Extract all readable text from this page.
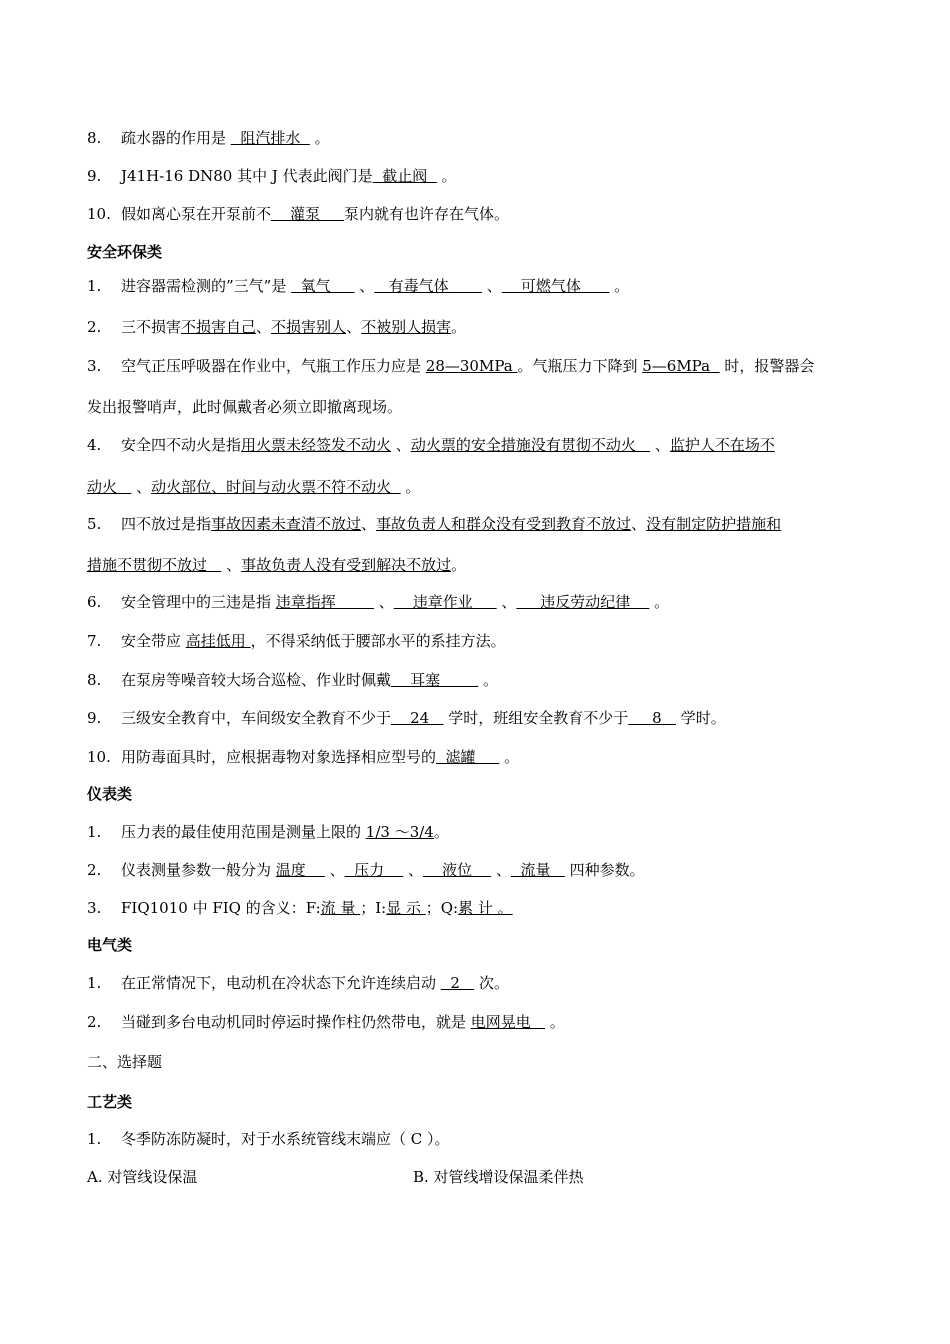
8. 疏水器的作用是   阻汽排水   。
9. J41H-16 DN80 其中 J 代表此阀门是  截止阀   。
10. 假如离心泵在开泵前不    灌泵     泵内就有也许存在气体。
安全环保类
1. 进容器需检测的”三气”是   氧气      、   有毒气体        、    可燃气体       。
2. 三不损害不损害自己、不损害别人、不被别人损害。
3. 空气正压呼吸器在作业中，气瓶工作压力应是 28—30MPa 。气瓶压力下降到 5—6MPa   时，报警器会
发出报警哨声，此时佩戴者必须立即撤离现场。
4. 安全四不动火是指用火票未经签发不动火 、动火票的安全措施没有贯彻不动火    、监护人不在场不
动火    、动火部位、时间与动火票不符不动火   。
5. 四不放过是指事故因素未查清不放过、事故负责人和群众没有受到教育不放过、没有制定防护措施和
措施不贯彻不放过    、事故负责人没有受到解决不放过。
6. 安全管理中的三违是指 违章指挥         、    违章作业      、     违反劳动纪律     。
7. 安全带应 高挂低用 ，不得采纳低于腰部水平的系挂方法。
8. 在泵房等噪音较大场合巡检、作业时佩戴    耳塞         。
9. 三级安全教育中，车间级安全教育不少于    24    学时，班组安全教育不少于     8    学时。
10. 用防毒面具时，应根据毒物对象选择相应型号的  滤罐      。
仪表类
1. 压力表的最佳使用范围是测量上限的 1/3 ～3/4。
2. 仪表测量参数一般分为 温度     、  压力     、    液位     、  流量    四种参数。
3. FIQ1010 中 FIQ 的含义：F:流 量 ；I:显 示 ；Q:累 计 。
电气类
1. 在正常情况下，电动机在冷状态下允许连续启动   2    次。
2. 当碰到多台电动机同时停运时操作柱仍然带电，就是 电网晃电    。
二、选择题
工艺类
1. 冬季防冻防凝时，对于水系统管线末端应（ C ）。
A. 对管线设保温	B. 对管线增设保温柔伴热
